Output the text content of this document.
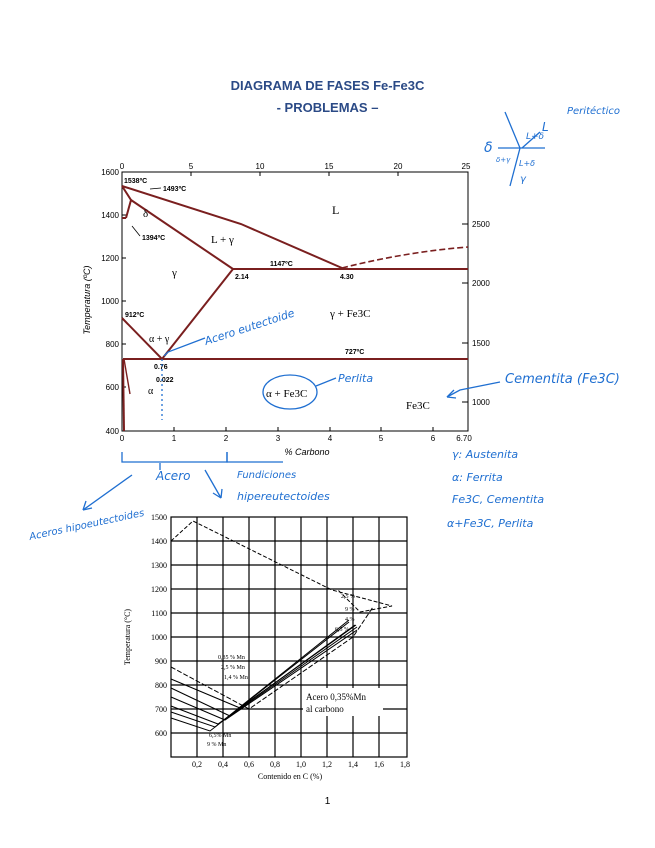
DIAGRAMA DE FASES Fe-Fe3C
- PROBLEMAS –
0	5	10	15	20	25
1600
1400
1200
1000
800
600
400
2500
2000
1500
1000
0	1	2	3	4	5	6	6.70
% Carbono
Temperatura (ºC)
1538ºC
1493ºC
1394ºC
1147ºC
912ºC
727ºC
2.14	4.30
0.76
0.022
L
δ
L + γ
γ
γ + Fe3C
α + γ
α	α + Fe3C
Fe3C
Peritéctico
δ
L+δ
L
δ+γ L+δ
γ
Acero eutectoide
Perlita	Cementita (Fe3C)
Acero	Fundiciones
Aceros hipoeutectoides
hipereutectoides
γ: Austenita
α: Ferrita
Fe3C, Cementita
α+Fe3C, Perlita
1500
1400
1300
1200
1100
1000
900
800
700
600
0,2 0,4 0,6 0,8 1,0 1,2 1,4 1,6 1,8
Contenido en C (%)
Temperatura (°C)
2,5 %
9 %
4 %
6,5 %
0,35 % Mn
2,5 % Mn
1,4 % Mn
6,5% Mn
9 % Mn
Acero 0,35%Mn
al carbono
1
